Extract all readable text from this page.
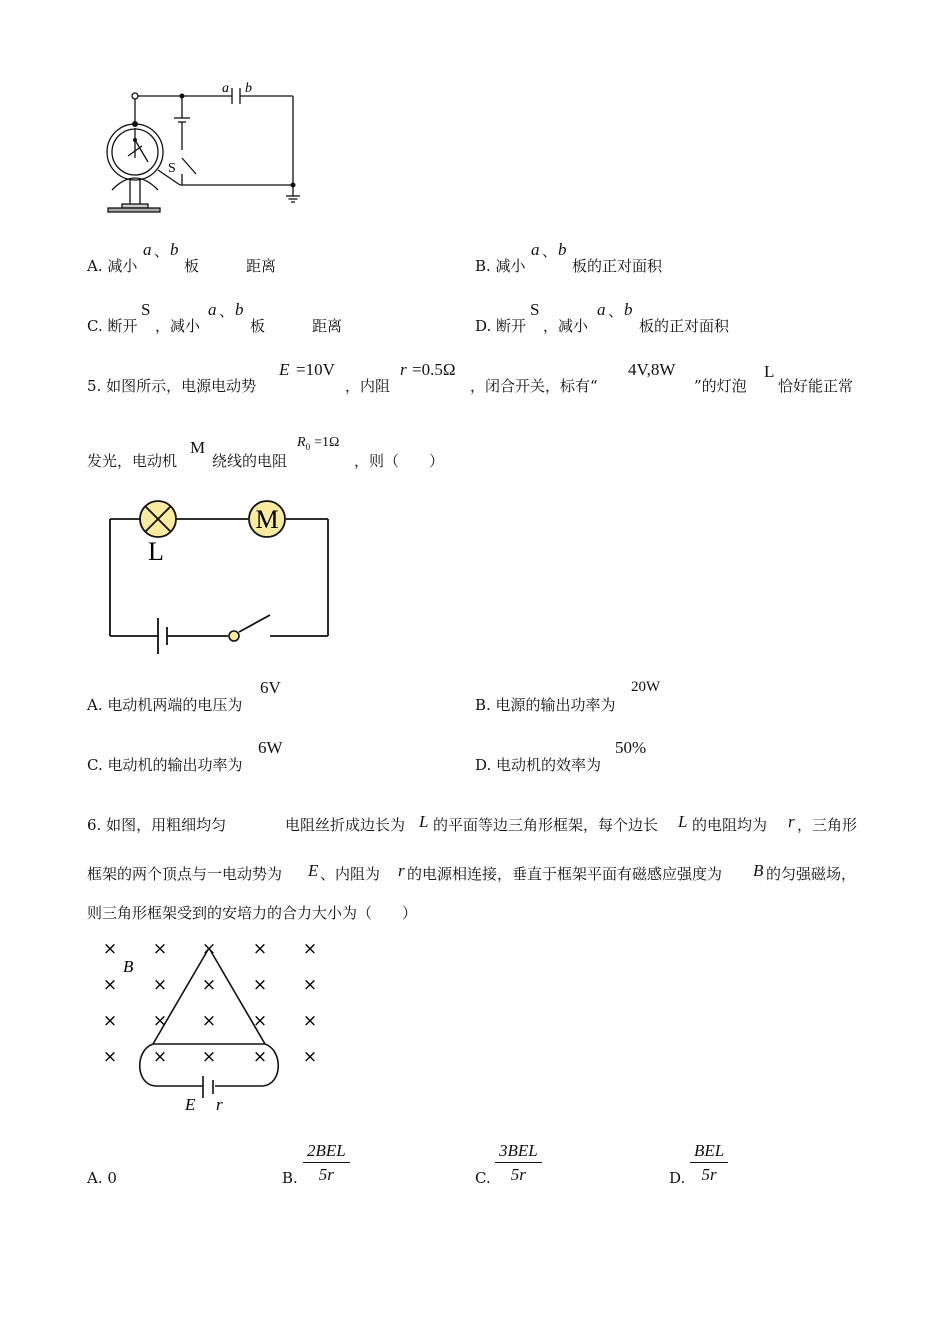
a b
S
A. 减小
a 、 b
板	距离	B. 减小
a 、 b
板的正对面积
C. 断开
S
，减小
a 、 b
板	距离	D. 断开
S
，减小
a 、 b
板的正对面积
5. 如图所示，电源电动势
E =10V
，内阻
r =0.5Ω
，闭合开关，标有“
4V,8W
”的灯泡
L
恰好能正常
发光，电动机
M
绕线的电阻
$R_0 =1\Omega$
，则（　　）
M
L
A. 电动机两端的电压为
6V
B. 电源的输出功率为
20W
C. 电动机的输出功率为
6W
D. 电动机的效率为
50%
6. 如图，用粗细均匀	电阻丝折成边长为 L 的平面等边三角形框架，每个边长 L 的电阻均为 r ，三角形
框架的两个顶点与一电动势为 E 、内阻为 r 的电源相连接，垂直于框架平面有磁感应强度为 B 的匀强磁场，
则三角形框架受到的安培力的合力大小为（　　）
× × × × ×
× × × × ×
× × × × ×
× × × × ×
B
E r
A. 0	B.
2BEL
5r	C.
3BEL
5r	D.
BEL
5r
